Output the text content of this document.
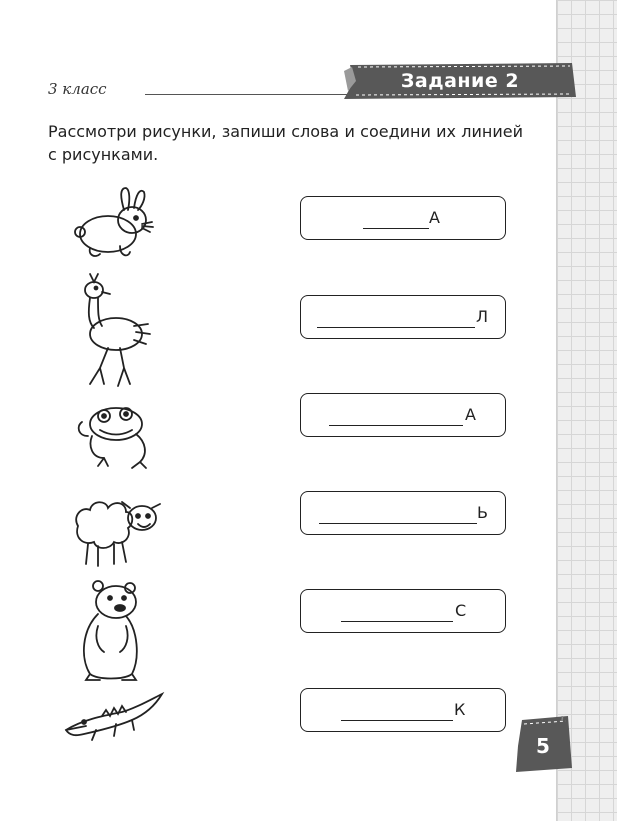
3 класс	Задание 2

Рассмотри рисунки, запиши слова и соедини их линией с рисунками.

А
Л
А
Ь
С
К
5
